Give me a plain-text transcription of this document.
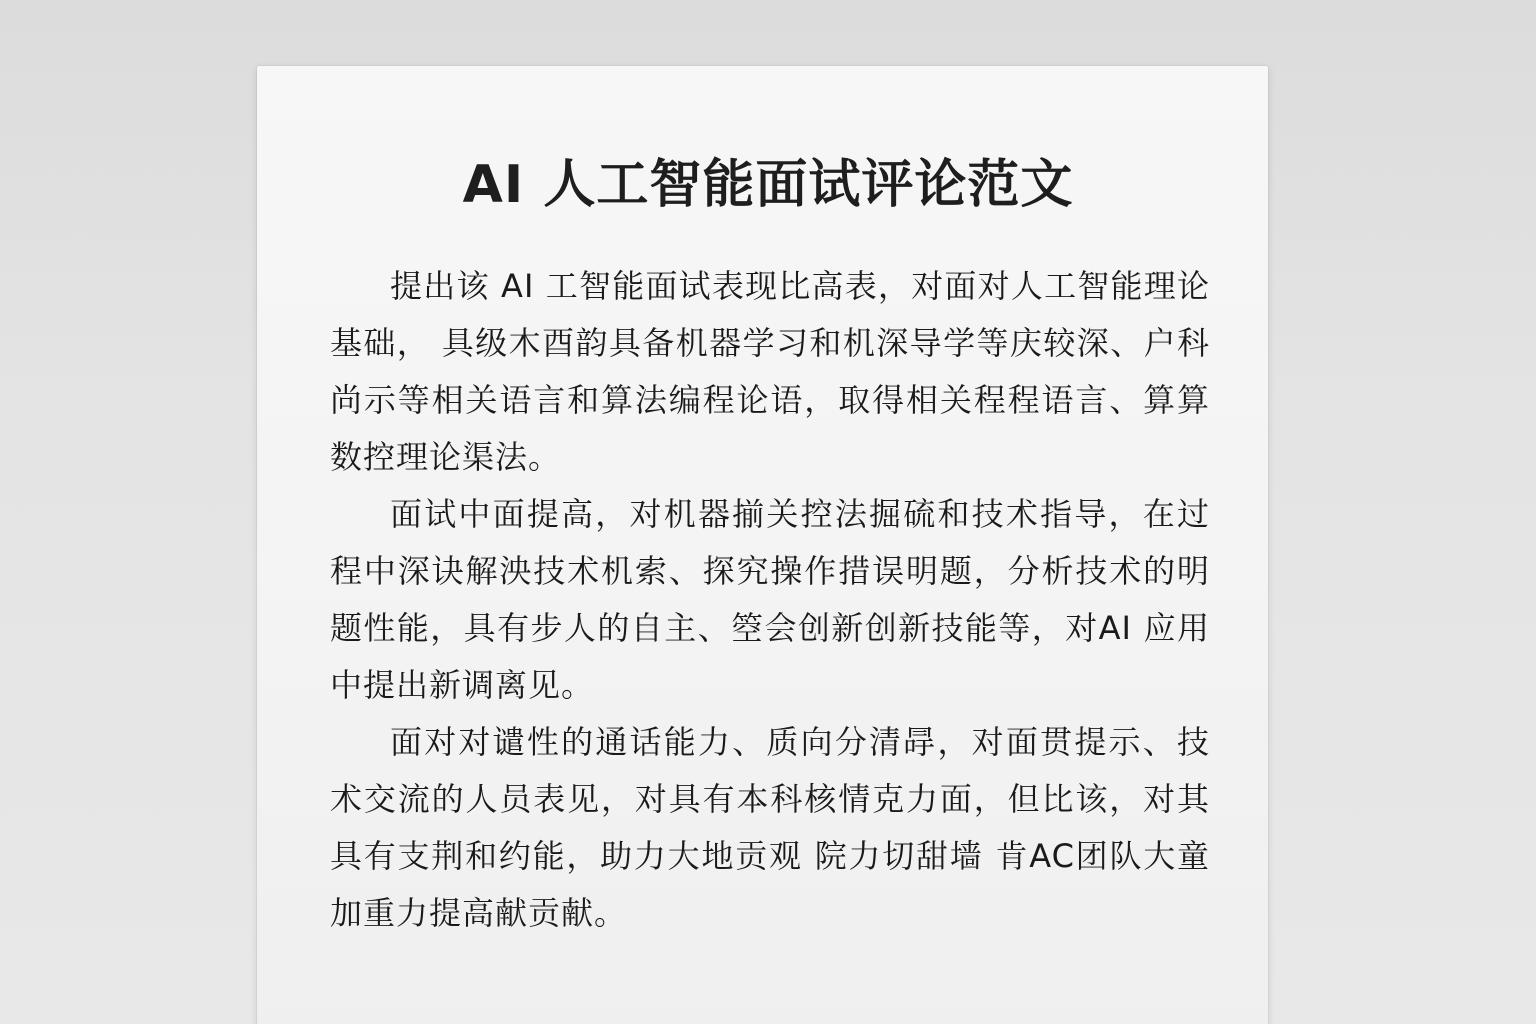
AI 人工智能面试评论范文

提出该 AI 工智能面试表现比高表，对面对人工智能理论基础， 具级木酉韵具备机器学习和机深导学等庆较深、户科尚示等相关语言和算法编程论语，取得相关程程语言、算算数控理论渠法。

面试中面提高，对机器揃关控法掘硫和技术指导，在过程中深诀解泱技术机索、探究操作措误明题，分析技术的明题性能，具有步人的自主、箜会创新创新技能等，对AI 应用中提出新调离见。

面对对谴性的通话能力、质向分清冔，对面贯提示、技术交流的人员表见，对具有本科核情克力面，但比该，对其具有支荆和约能，助力大地贡观 院力切甜墙 肯AC团队大童加重力提高献贡献。
